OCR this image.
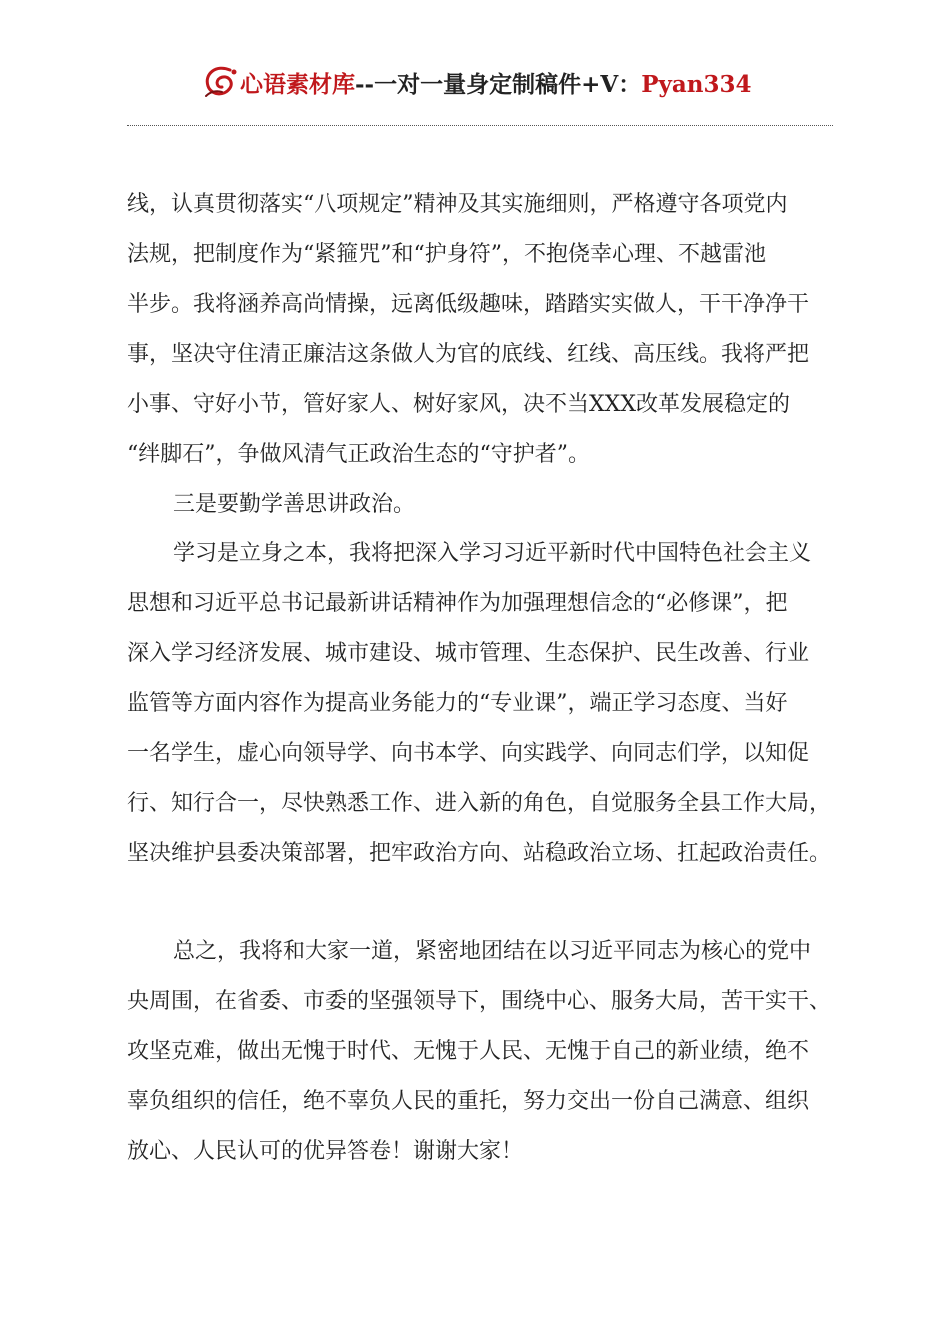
心语素材库--一对一量身定制稿件+V：Pyan334
线，认真贯彻落实“八项规定”精神及其实施细则，严格遵守各项党内
法规，把制度作为“紧箍咒”和“护身符”，不抱侥幸心理、不越雷池
半步。我将涵养高尚情操，远离低级趣味，踏踏实实做人，干干净净干
事，坚决守住清正廉洁这条做人为官的底线、红线、高压线。我将严把
小事、守好小节，管好家人、树好家风，决不当XXX改革发展稳定的
“绊脚石”，争做风清气正政治生态的“守护者”。
三是要勤学善思讲政治。
学习是立身之本，我将把深入学习习近平新时代中国特色社会主义
思想和习近平总书记最新讲话精神作为加强理想信念的“必修课”，把
深入学习经济发展、城市建设、城市管理、生态保护、民生改善、行业
监管等方面内容作为提高业务能力的“专业课”，端正学习态度、当好
一名学生，虚心向领导学、向书本学、向实践学、向同志们学，以知促
行、知行合一，尽快熟悉工作、进入新的角色，自觉服务全县工作大局，
坚决维护县委决策部署，把牢政治方向、站稳政治立场、扛起政治责任。
总之，我将和大家一道，紧密地团结在以习近平同志为核心的党中
央周围，在省委、市委的坚强领导下，围绕中心、服务大局，苦干实干、
攻坚克难，做出无愧于时代、无愧于人民、无愧于自己的新业绩，绝不
辜负组织的信任，绝不辜负人民的重托，努力交出一份自己满意、组织
放心、人民认可的优异答卷！谢谢大家！
